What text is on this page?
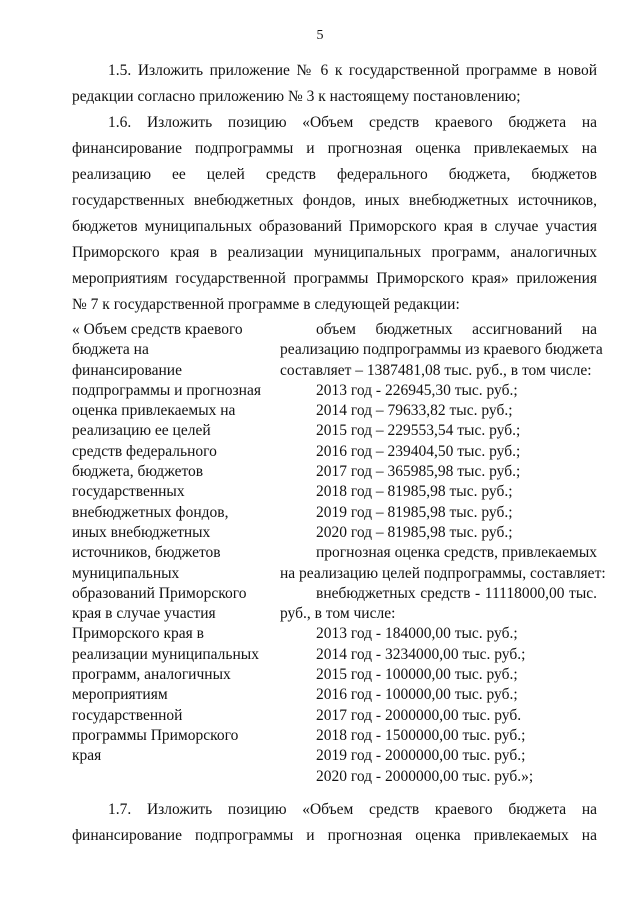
5

1.5. Изложить приложение № 6 к государственной программе в новой
редакции согласно приложению № 3 к настоящему постановлению;

1.6. Изложить позицию «Объем средств краевого бюджета на
финансирование подпрограммы и прогнозная оценка привлекаемых на
реализацию ее целей средств федерального бюджета, бюджетов
государственных внебюджетных фондов, иных внебюджетных источников,
бюджетов муниципальных образований Приморского края в случае участия
Приморского края в реализации муниципальных программ, аналогичных
мероприятиям государственной программы Приморского края» приложения
№ 7 к государственной программе в следующей редакции:

« Объем средств краевого
бюджета на
финансирование
подпрограммы и прогнозная
оценка привлекаемых на
реализацию ее целей
средств федерального
бюджета, бюджетов
государственных
внебюджетных фондов,
иных внебюджетных
источников, бюджетов
муниципальных
образований Приморского
края в случае участия
Приморского края в
реализации муниципальных
программ, аналогичных
мероприятиям
государственной
программы Приморского
края
объем бюджетных ассигнований на
реализацию подпрограммы из краевого бюджета
составляет – 1387481,08 тыс. руб., в том числе:
2013 год - 226945,30 тыс. руб.;
2014 год – 79633,82 тыс. руб.;
2015 год – 229553,54 тыс. руб.;
2016 год – 239404,50 тыс. руб.;
2017 год – 365985,98 тыс. руб.;
2018 год – 81985,98 тыс. руб.;
2019 год – 81985,98 тыс. руб.;
2020 год – 81985,98 тыс. руб.;
прогнозная оценка средств, привлекаемых
на реализацию целей подпрограммы, составляет:
внебюджетных средств - 11118000,00 тыс.
руб., в том числе:
2013 год - 184000,00 тыс. руб.;
2014 год - 3234000,00 тыс. руб.;
2015 год - 100000,00 тыс. руб.;
2016 год - 100000,00 тыс. руб.;
2017 год - 2000000,00 тыс. руб.
2018 год - 1500000,00 тыс. руб.;
2019 год - 2000000,00 тыс. руб.;
2020 год - 2000000,00 тыс. руб.»;
1.7. Изложить позицию «Объем средств краевого бюджета на
финансирование подпрограммы и прогнозная оценка привлекаемых на
